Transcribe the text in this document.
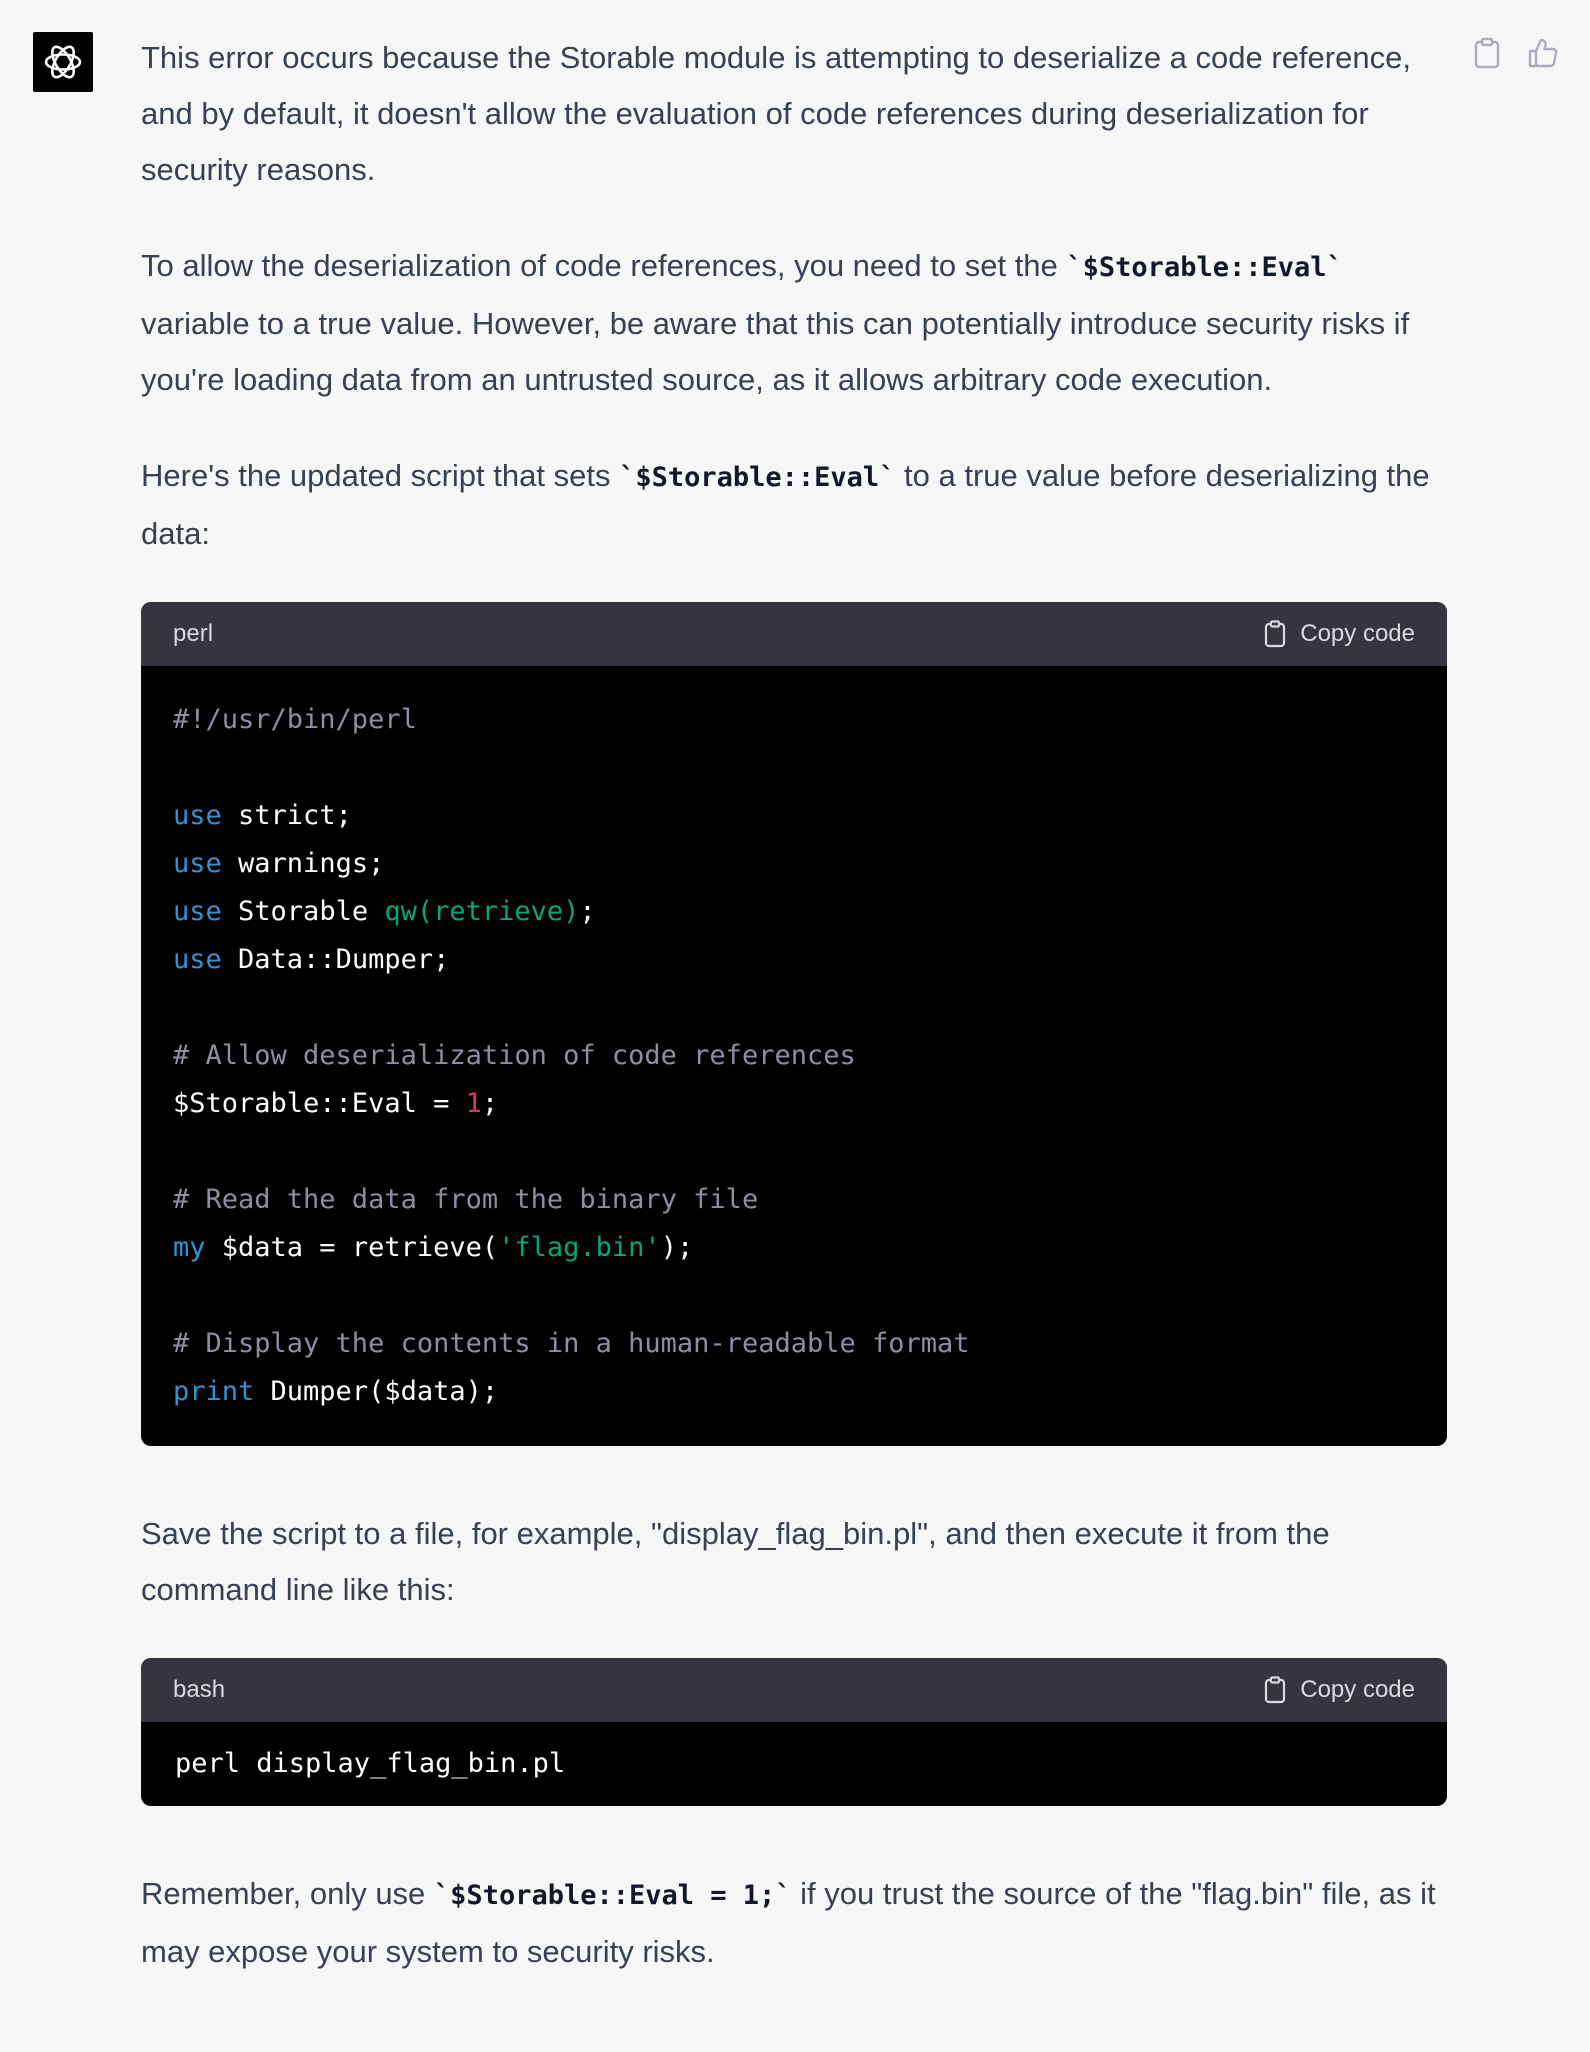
This error occurs because the Storable module is attempting to deserialize a code reference, and by default, it doesn't allow the evaluation of code references during deserialization for security reasons.

To allow the deserialization of code references, you need to set the `$Storable::Eval` variable to a true value. However, be aware that this can potentially introduce security risks if you're loading data from an untrusted source, as it allows arbitrary code execution.

Here's the updated script that sets `$Storable::Eval` to a true value before deserializing the data:

perl	Copy code
#!/usr/bin/perl

use strict;
use warnings;
use Storable qw(retrieve);
use Data::Dumper;

# Allow deserialization of code references
$Storable::Eval = 1;

# Read the data from the binary file
my $data = retrieve('flag.bin');

# Display the contents in a human-readable format
print Dumper($data);

Save the script to a file, for example, "display_flag_bin.pl", and then execute it from the command line like this:

bash	Copy code
perl display_flag_bin.pl

Remember, only use `$Storable::Eval = 1;` if you trust the source of the "flag.bin" file, as it may expose your system to security risks.
